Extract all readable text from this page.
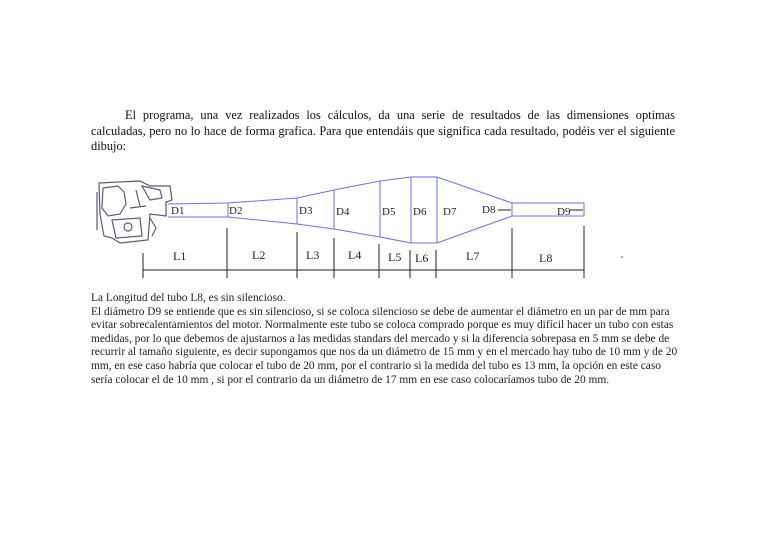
El programa, una vez realizados los cálculos, da una serie de resultados de las dimensiones optimas calculadas, pero no lo hace de forma grafica. Para que entendáis que significa cada resultado, podéis ver el siguiente dibujo:

D1	D2	D3 D4	D5 D6 D7 D8	D9
L1	L2	L3 L4 L5 L6	L7	L8

La Longitud del tubo L8, es sin silencioso.

El diámetro D9 se entiende que es sin silencioso, si se coloca silencioso se debe de aumentar el diámetro en un par de mm para evitar sobrecalentamientos del motor. Normalmente este tubo se coloca comprado porque es muy difícil hacer un tubo con estas medidas, por lo que debemos de ajustarnos a las medidas standars del mercado y si la diferencia sobrepasa en 5 mm se debe de recurrir al tamaño siguiente, es decir supongamos que nos da un diámetro de 15 mm y en el mercado hay tubo de 10 mm y de 20 mm, en ese caso habría que colocar el tubo de 20 mm, por el contrario si la medida del tubo es 13 mm, la opción en este caso sería colocar el de 10 mm , si por el contrario da un diámetro de 17 mm en ese caso colocaríamos tubo de 20 mm.
